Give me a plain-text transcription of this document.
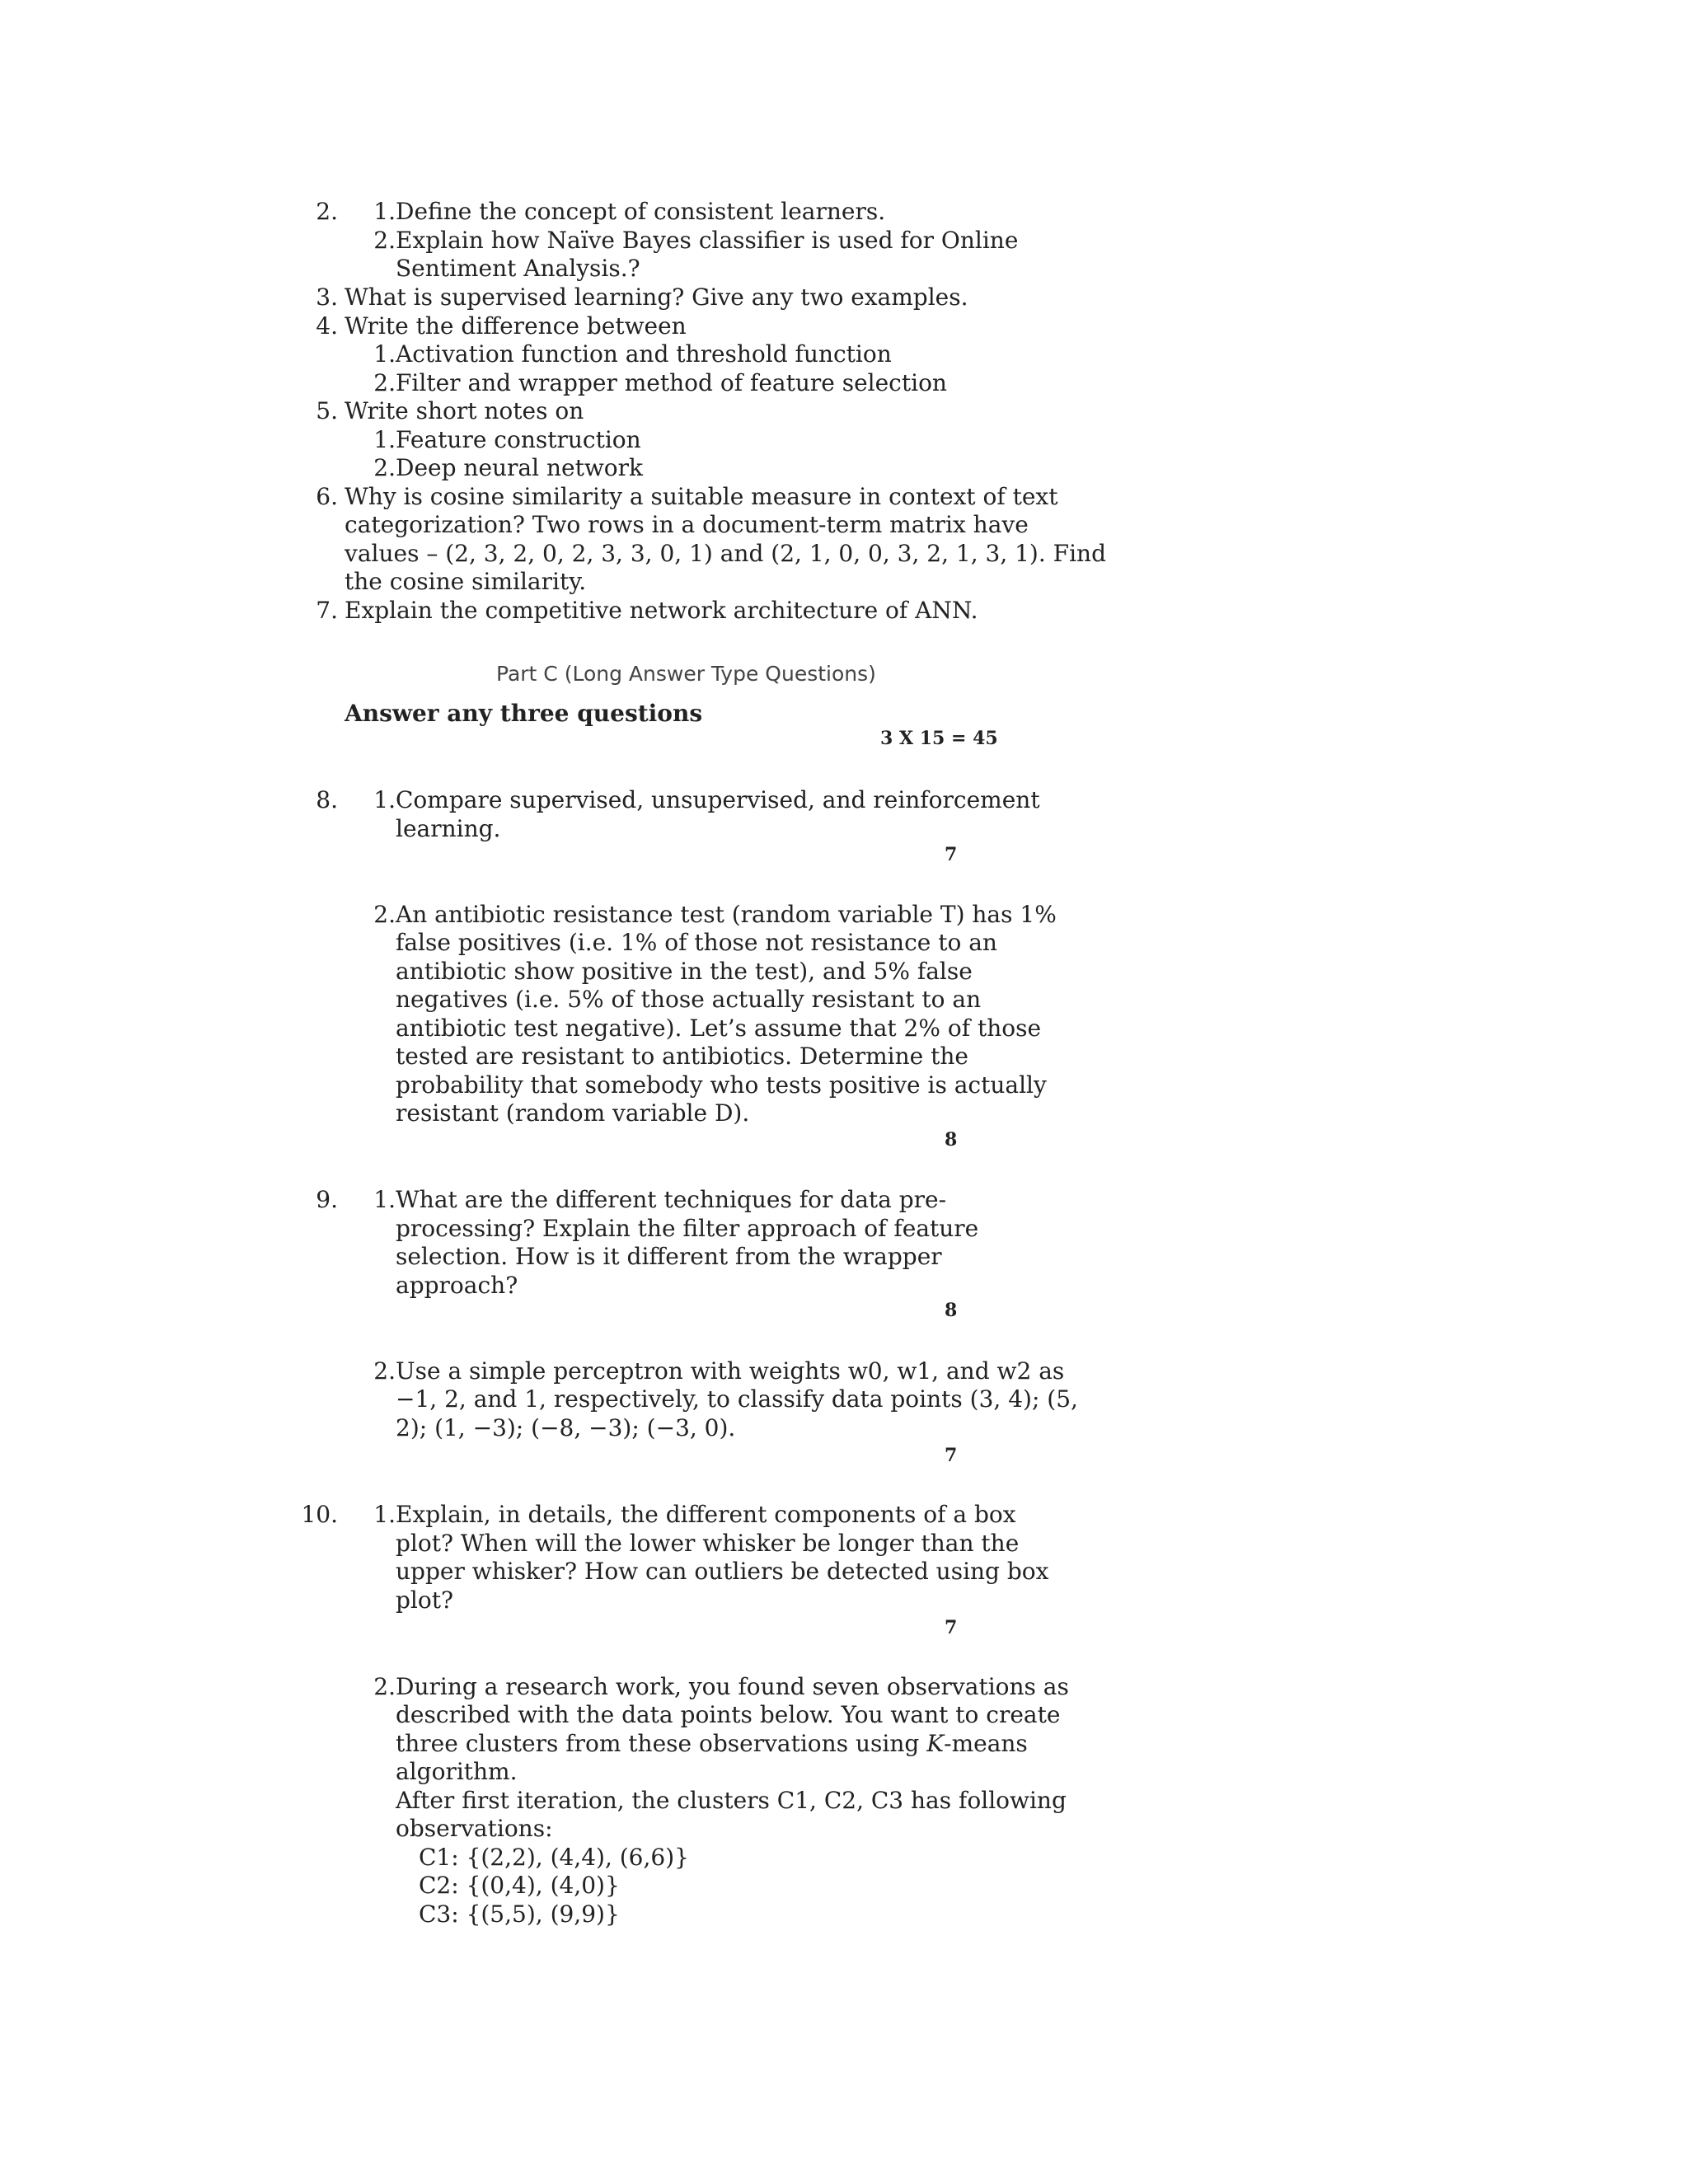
2.	1. Define the concept of consistent learners.
2. Explain how Naïve Bayes classifier is used for Online
Sentiment Analysis.?
3. What is supervised learning? Give any two examples.
4. Write the difference between
1. Activation function and threshold function
2. Filter and wrapper method of feature selection
5. Write short notes on
1. Feature construction
2. Deep neural network
6. Why is cosine similarity a suitable measure in context of text
categorization? Two rows in a document-term matrix have
values – (2, 3, 2, 0, 2, 3, 3, 0, 1) and (2, 1, 0, 0, 3, 2, 1, 3, 1). Find
the cosine similarity.
7. Explain the competitive network architecture of ANN.
Part C (Long Answer Type Questions)
Answer any three questions
3 X 15 = 45
8.	1. Compare supervised, unsupervised, and reinforcement
learning.
7
2. An antibiotic resistance test (random variable T) has 1%
false positives (i.e. 1% of those not resistance to an
antibiotic show positive in the test), and 5% false
negatives (i.e. 5% of those actually resistant to an
antibiotic test negative). Let’s assume that 2% of those
tested are resistant to antibiotics. Determine the
probability that somebody who tests positive is actually
resistant (random variable D).
8
9.	1. What are the different techniques for data pre-
processing? Explain the filter approach of feature
selection. How is it different from the wrapper
approach?
8
2. Use a simple perceptron with weights w0, w1, and w2 as
−1, 2, and 1, respectively, to classify data points (3, 4); (5,
2); (1, −3); (−8, −3); (−3, 0).
7
10.	1. Explain, in details, the different components of a box
plot? When will the lower whisker be longer than the
upper whisker? How can outliers be detected using box
plot?
7
2. During a research work, you found seven observations as
described with the data points below. You want to create
three clusters from these observations using K-means
algorithm.
After first iteration, the clusters C1, C2, C3 has following
observations:
C1: {(2,2), (4,4), (6,6)}
C2: {(0,4), (4,0)}
C3: {(5,5), (9,9)}
